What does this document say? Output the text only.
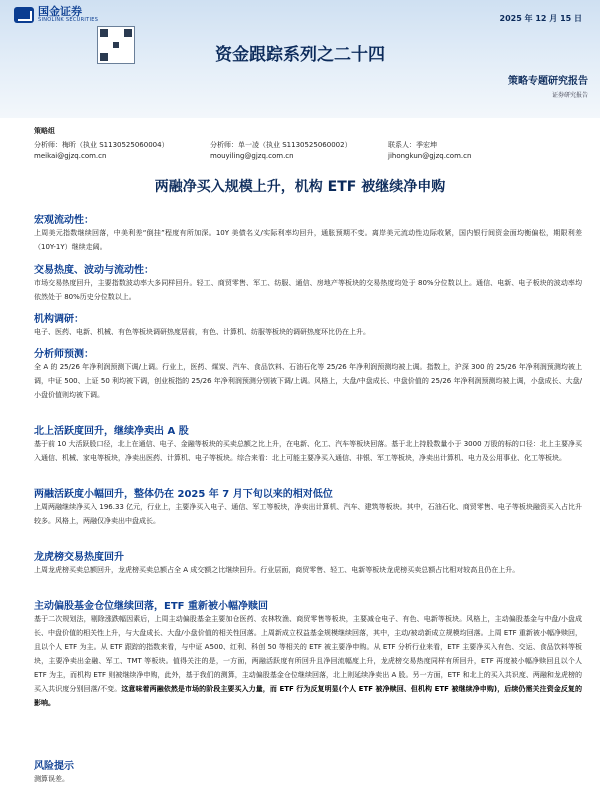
国金证券
SINOLINK SECURITIES	2025 年 12 月 15 日
资金跟踪系列之二十四
策略专题研究报告
证券研究报告
策略组
分析师：梅昕（执业 S1130525060004）
meikai@gjzq.com.cn
分析师：单一凌（执业 S1130525060002）
mouyiling@gjzq.com.cn
联系人：季宏坤
jihongkun@gjzq.com.cn
两融净买入规模上升，机构 ETF 被继续净申购
宏观流动性：

上周美元指数继续回落，中美利差“倒挂”程度有所加深。10Y 美债名义/实际利率均回升，通胀预期不变。离岸美元流动性边际收紧，国内银行间资金面均衡偏松，期限利差（10Y-1Y）继续走阔。

交易热度、波动与流动性：

市场交易热度回升，主要指数波动率大多同样回升。轻工、商贸零售、军工、纺服、通信、房地产等板块的交易热度均处于 80%分位数以上。通信、电新、电子板块的波动率均依然处于 80%历史分位数以上。

机构调研：

电子、医药、电新、机械、有色等板块调研热度居前，有色、计算机、纺服等板块的调研热度环比仍在上升。

分析师预测：

全 A 的 25/26 年净利润预测下调/上调。行业上，医药、煤炭、汽车、食品饮料、石油石化等 25/26 年净利润预测均被上调。指数上，沪深 300 的 25/26 年净利润预测均被上调，中证 500、上证 50 利均被下调，创业板指的 25/26 年净利润预测分别被下调/上调。风格上，大盘/中盘成长、中盘价值的 25/26 年净利润预测均被上调，小盘成长、大盘/小盘价值则均被下调。

北上活跃度回升，继续净卖出 A 股

基于前 10 大活跃股口径，北上在通信、电子、金融等板块的买卖总额之比上升，在电新、化工、汽车等板块回落。基于北上持股数量小于 3000 万股的标的口径：北上主要净买入通信、机械、家电等板块，净卖出医药、计算机、电子等板块。综合来看：北上可能主要净买入通信、非银、军工等板块，净卖出计算机、电力及公用事业、化工等板块。

两融活跃度小幅回升，整体仍在 2025 年 7 月下旬以来的相对低位

上周两融继续净买入 196.33 亿元，行业上，主要净买入电子、通信、军工等板块，净卖出计算机、汽车、建筑等板块。其中，石油石化、商贸零售、电子等板块融资买入占比升较多。风格上，两融仅净卖出中盘成长。

龙虎榜交易热度回升

上周龙虎榜买卖总额回升，龙虎榜买卖总额占全 A 成交额之比继续回升。行业层面，商贸零售、轻工、电新等板块龙虎榜买卖总额占比相对较高且仍在上升。

主动偏股基金仓位继续回落，ETF 重新被小幅净赎回

基于二次规划法，剔除涨跌幅因素后，上周主动偏股基金主要加仓医药、农林牧渔、商贸零售等板块，主要减仓电子、有色、电新等板块。风格上，主动偏股基金与中盘/小盘成长、中盘价值的相关性上升，与大盘成长、大盘/小盘价值的相关性回落。上周新成立权益基金规模继续回落，其中，主动/被动新成立规模均回落。上周 ETF 重新被小幅净赎回，且以个人 ETF 为主。从 ETF 跟踪的指数来看，与中证 A500、红利、科创 50 等相关的 ETF 被主要净申购。从 ETF 分析行业来看，ETF 主要净买入有色、交运、食品饮料等板块，主要净卖出金融、军工、TMT 等板块。值得关注的是，一方面，两融活跃度有所回升且净回流幅度上升，龙虎榜交易热度同样有所回升，ETF 再度被小幅净赎回且以个人 ETF 为主，而机构 ETF 则被继续净申购，此外，基于我们的测算，主动偏股基金仓位继续回落，北上则延续净卖出 A 股。另一方面，ETF 和北上的买入共识度、两融和龙虎榜的买入共识度分别回落/不变。这意味着两融依然是市场的阶段主要买入力量，而 ETF 行为反复明显(个人 ETF 被净赎回、但机构 ETF 被继续净申购)，后续仍需关注资金反复的影响。

风险提示

测算误差。
